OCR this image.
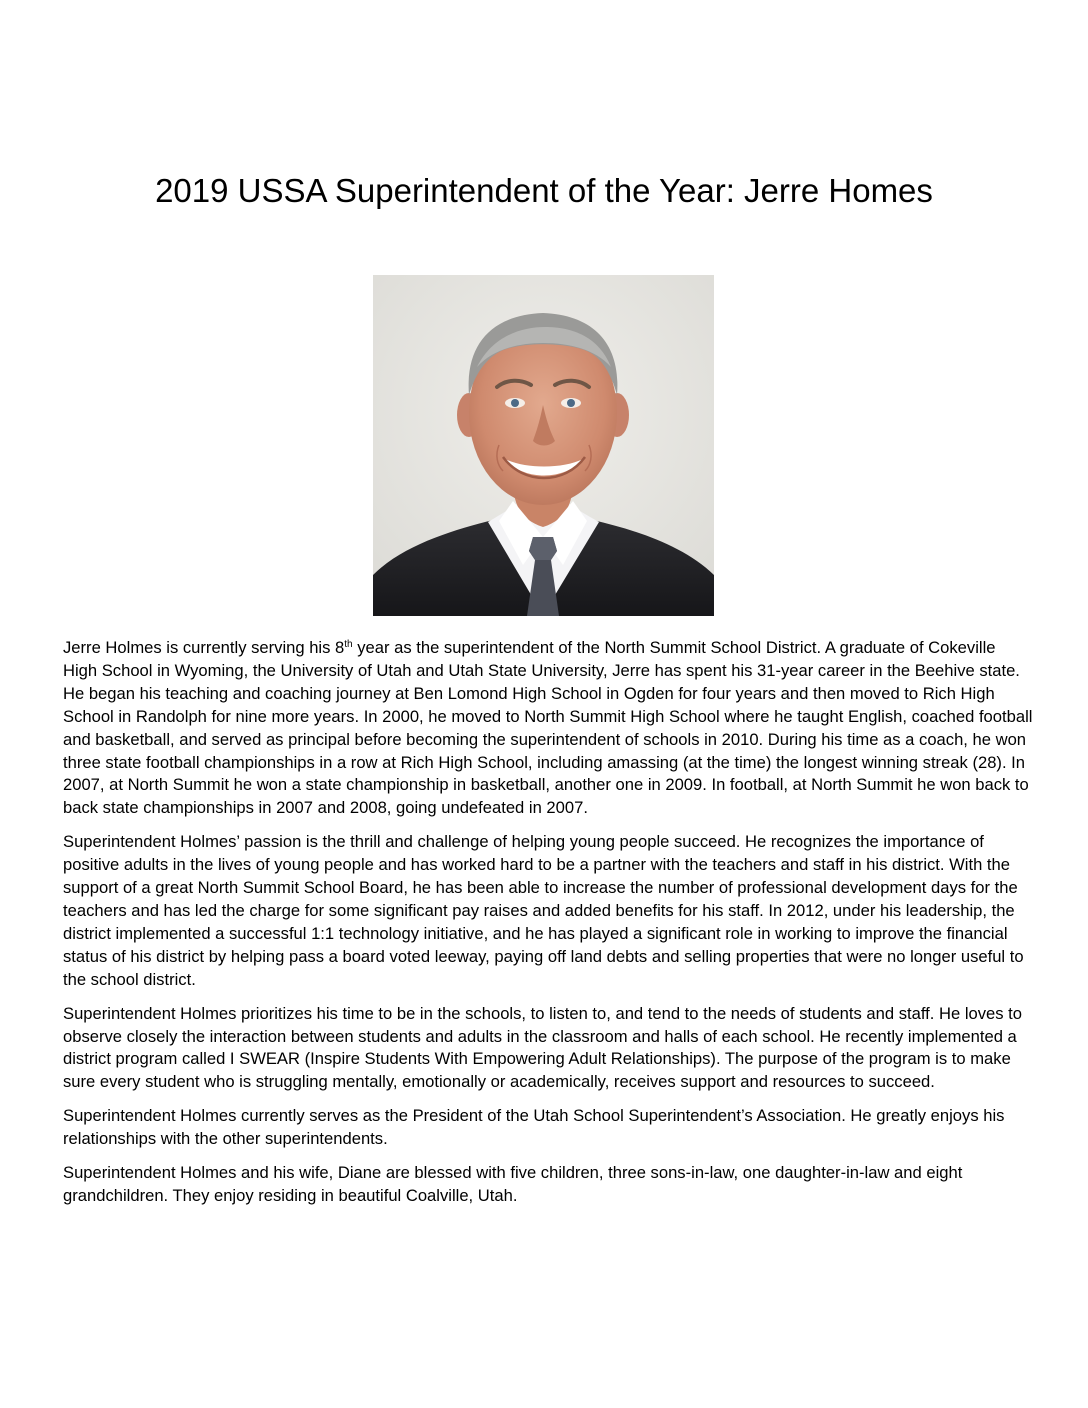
2019 USSA Superintendent of the Year: Jerre Homes

Jerre Holmes is currently serving his 8th year as the superintendent of the North Summit School District. A graduate of Cokeville High School in Wyoming, the University of Utah and Utah State University, Jerre has spent his 31-year career in the Beehive state. He began his teaching and coaching journey at Ben Lomond High School in Ogden for four years and then moved to Rich High School in Randolph for nine more years. In 2000, he moved to North Summit High School where he taught English, coached football and basketball, and served as principal before becoming the superintendent of schools in 2010. During his time as a coach, he won three state football championships in a row at Rich High School, including amassing (at the time) the longest winning streak (28). In 2007, at North Summit he won a state championship in basketball, another one in 2009. In football, at North Summit he won back to back state championships in 2007 and 2008, going undefeated in 2007.

Superintendent Holmes’ passion is the thrill and challenge of helping young people succeed. He recognizes the importance of positive adults in the lives of young people and has worked hard to be a partner with the teachers and staff in his district. With the support of a great North Summit School Board, he has been able to increase the number of professional development days for the teachers and has led the charge for some significant pay raises and added benefits for his staff. In 2012, under his leadership, the district implemented a successful 1:1 technology initiative, and he has played a significant role in working to improve the financial status of his district by helping pass a board voted leeway, paying off land debts and selling properties that were no longer useful to the school district.

Superintendent Holmes prioritizes his time to be in the schools, to listen to, and tend to the needs of students and staff. He loves to observe closely the interaction between students and adults in the classroom and halls of each school. He recently implemented a district program called I SWEAR (Inspire Students With Empowering Adult Relationships). The purpose of the program is to make sure every student who is struggling mentally, emotionally or academically, receives support and resources to succeed.

Superintendent Holmes currently serves as the President of the Utah School Superintendent’s Association. He greatly enjoys his relationships with the other superintendents.

Superintendent Holmes and his wife, Diane are blessed with five children, three sons-in-law, one daughter-in-law and eight grandchildren. They enjoy residing in beautiful Coalville, Utah.
